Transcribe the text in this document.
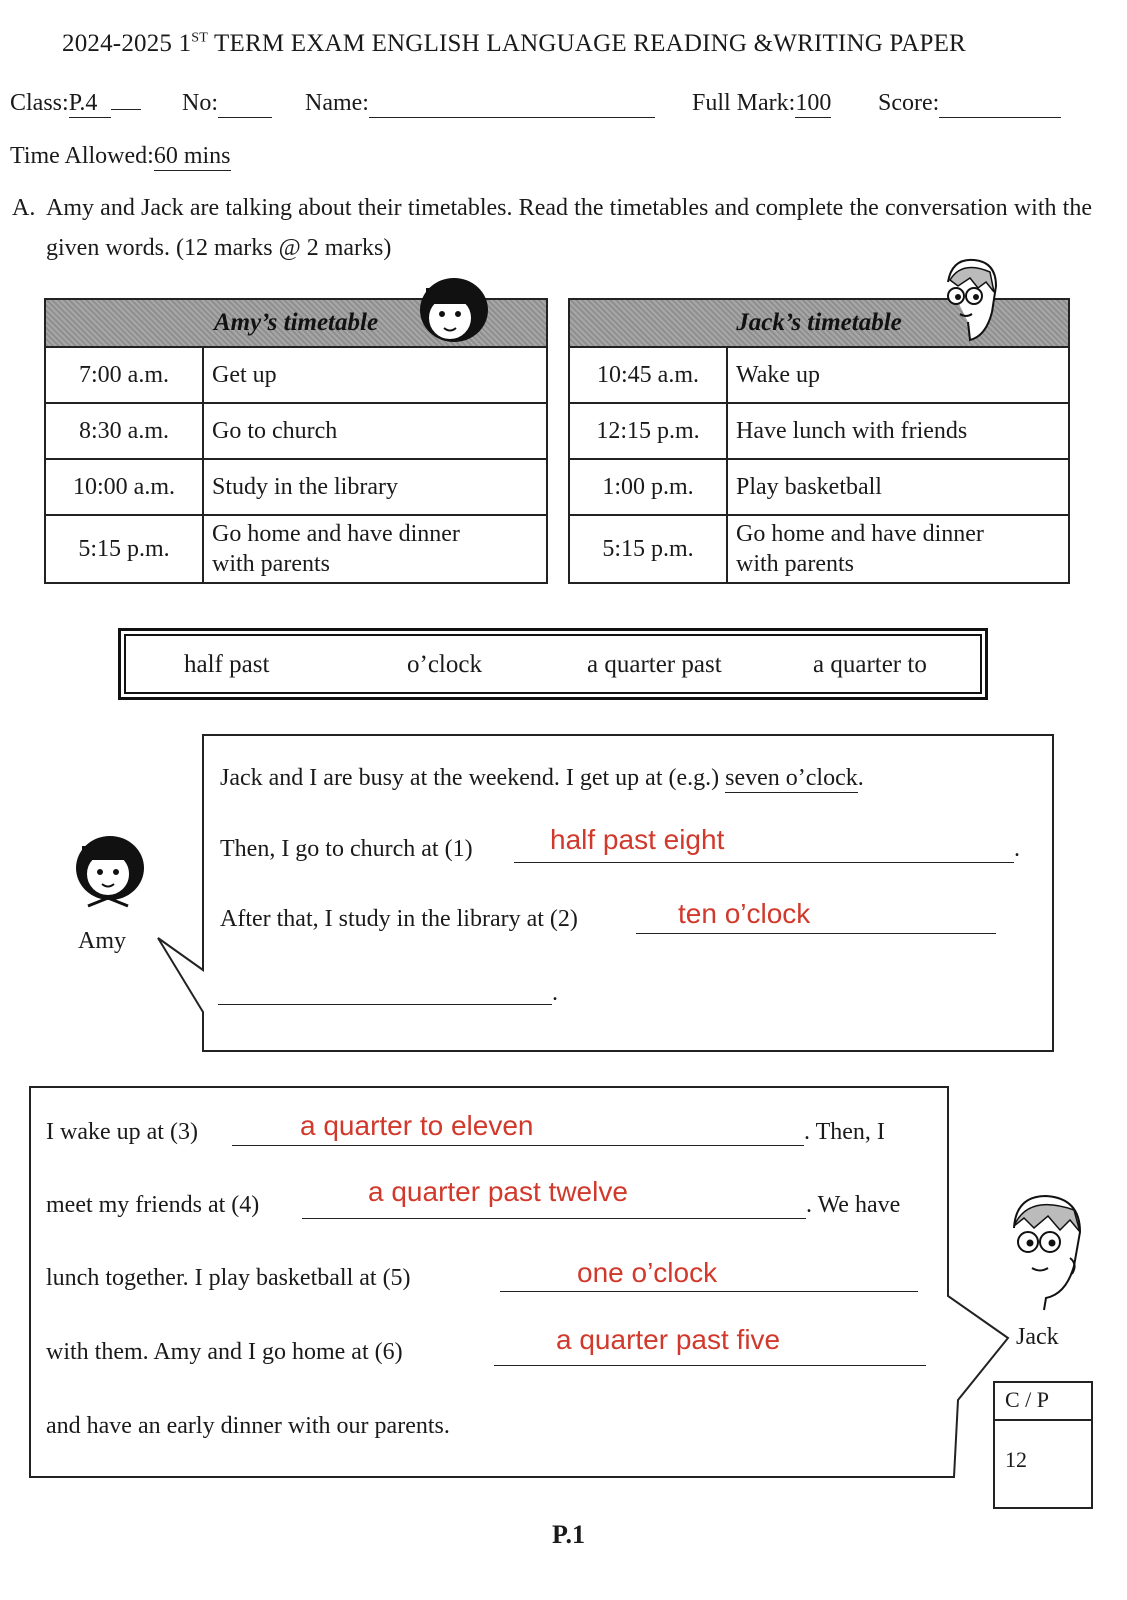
2024-2025 1ST TERM EXAM ENGLISH LANGUAGE READING &WRITING PAPER
Class:P.4	No:	Name:	Full Mark:100 Score:
Time Allowed:60 mins
A. Amy and Jack are talking about their timetables. Read the timetables and complete the conversation with the given words. (12 marks @ 2 marks)
Amy’s timetable	
7:00 a.m.	Get up
8:30 a.m.	Go to church
10:00 a.m.	Study in the library
5:15 p.m.	Go home and have dinner
with parents
Jack’s timetable	
10:45 a.m.	Wake up
12:15 p.m.	Have lunch with friends
1:00 p.m.	Play basketball
5:15 p.m.	Go home and have dinner
with parents
half past	o’clock	a quarter past	a quarter to
Amy
Jack and I are busy at the weekend. I get up at (e.g.) seven o’clock.
Then, I go to church at (1)	.
half past eight
After that, I study in the library at (2)	ten o’clock
.
I wake up at (3)	a quarter to eleven	. Then, I
meet my friends at (4)	a quarter past twelve	. We have
lunch together. I play basketball at (5)	one o’clock
with them. Amy and I go home at (6)	a quarter past five
and have an early dinner with our parents.
Jack
C / P
12
P.1
